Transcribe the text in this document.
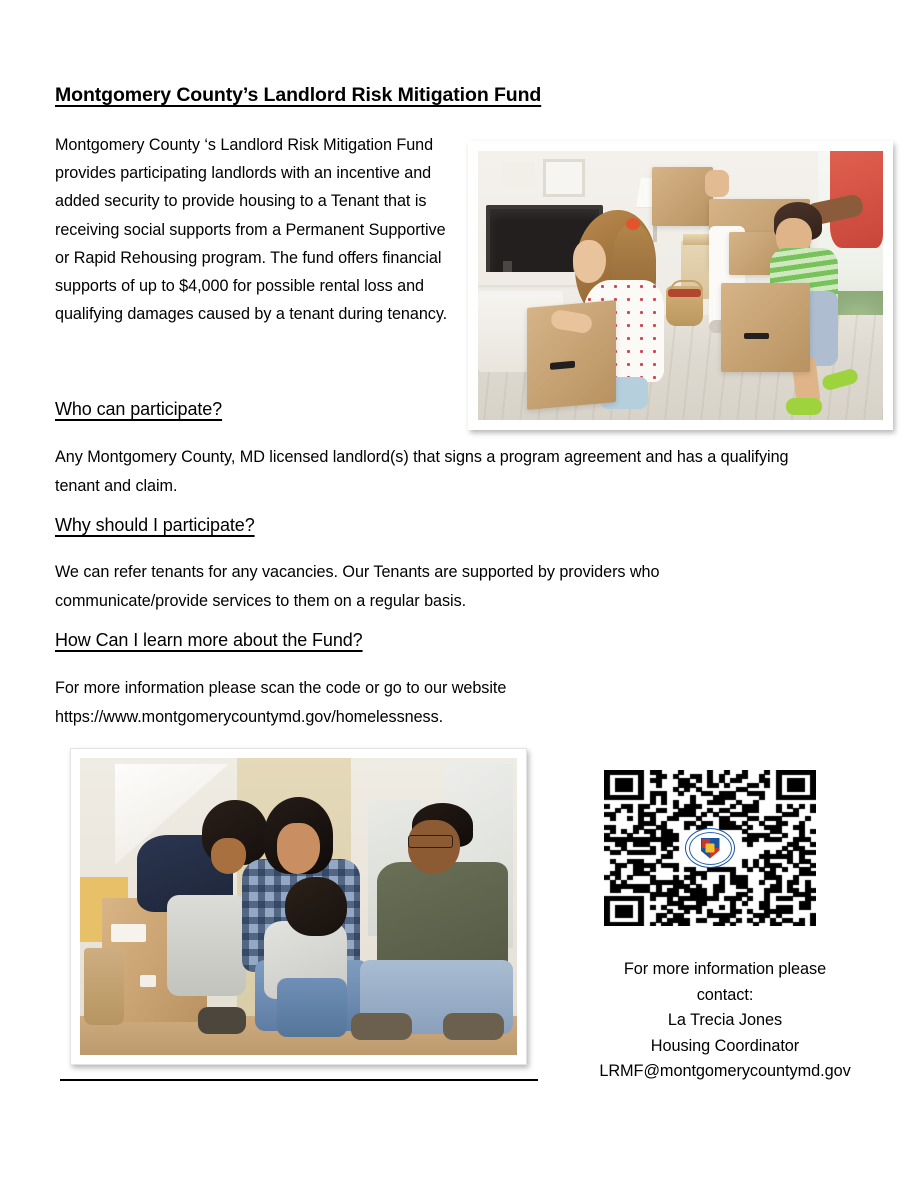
Montgomery County’s Landlord Risk Mitigation Fund
Montgomery County ‘s Landlord Risk Mitigation Fund provides participating landlords with an incentive and added security to provide housing to a Tenant that is receiving social supports from a Permanent Supportive or Rapid Rehousing program. The fund offers financial supports of up to $4,000 for possible rental loss and qualifying damages caused by a tenant during tenancy.
Who can participate?
Any Montgomery County, MD licensed landlord(s) that signs a program agreement and has a qualifying tenant and claim.
Why should I participate?
We can refer tenants for any vacancies. Our Tenants are supported by providers who communicate/provide services to them on a regular basis.
How Can I learn more about the Fund?
For more information please scan the code or go to our website https://www.montgomerycountymd.gov/homelessness.
For more information please
contact:
La Trecia Jones
Housing Coordinator
LRMF@montgomerycountymd.gov
